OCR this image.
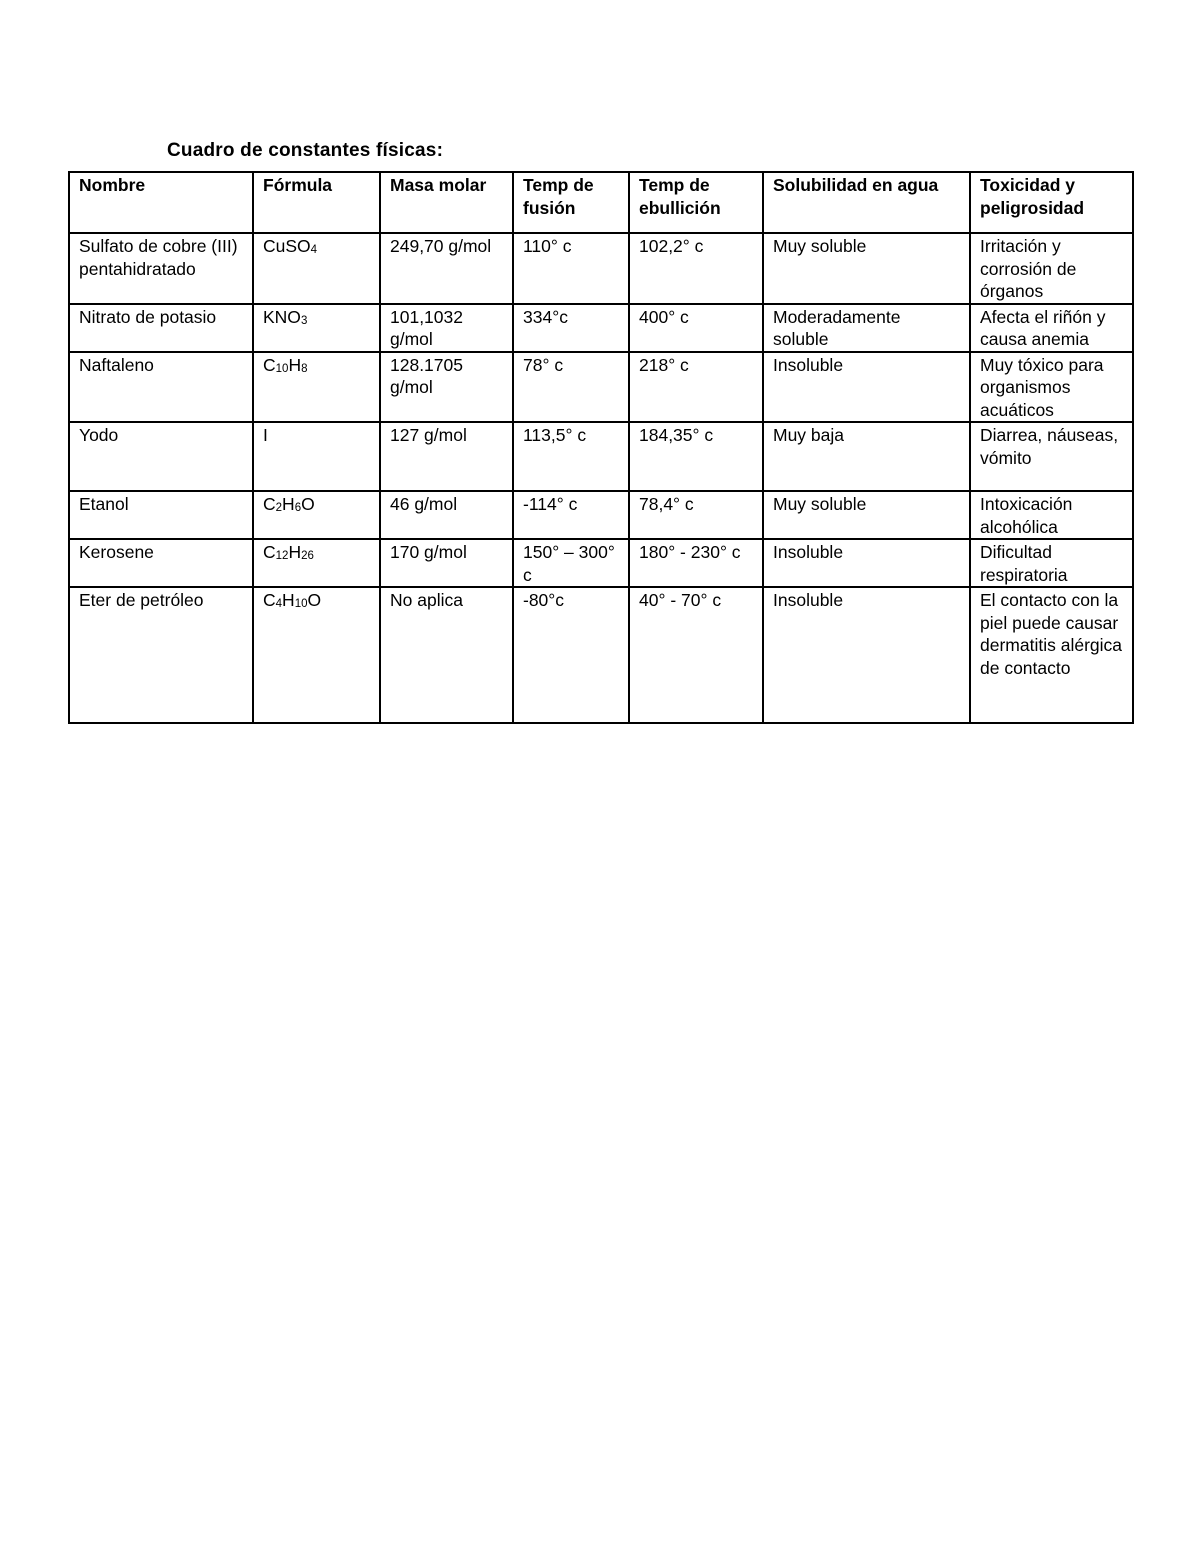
Cuadro de constantes físicas:
Nombre	Fórmula	Masa molar	Temp de fusión	Temp de ebullición	Solubilidad en agua	Toxicidad y peligrosidad
Sulfato de cobre (III) pentahidratado	CuSO$_4$	249,70 g/mol	110° c	102,2° c	Muy soluble	Irritación y corrosión de órganos
Nitrato de potasio	$KNO_3$	101,1032 g/mol	334°c	400° c	Moderadamente soluble	Afecta el riñón y causa anemia
Naftaleno	$C_{10}H_8$	128.1705 g/mol	78° c	218° c	Insoluble	Muy tóxico para organismos acuáticos
Yodo	I	127 g/mol	113,5° c	184,35° c	Muy baja	Diarrea, náuseas, vómito
Etanol	$C_2H_6O$	46 g/mol	-114° c	78,4° c	Muy soluble	Intoxicación alcohólica
Kerosene	$C_{12}H_{26}$	170 g/mol	150° – 300° c	180° - 230° c	Insoluble	Dificultad respiratoria
Eter de petróleo	$C_4H_{10}O$	No aplica	-80°c	40° - 70° c	Insoluble	El contacto con la piel puede causar dermatitis alérgica de contacto
